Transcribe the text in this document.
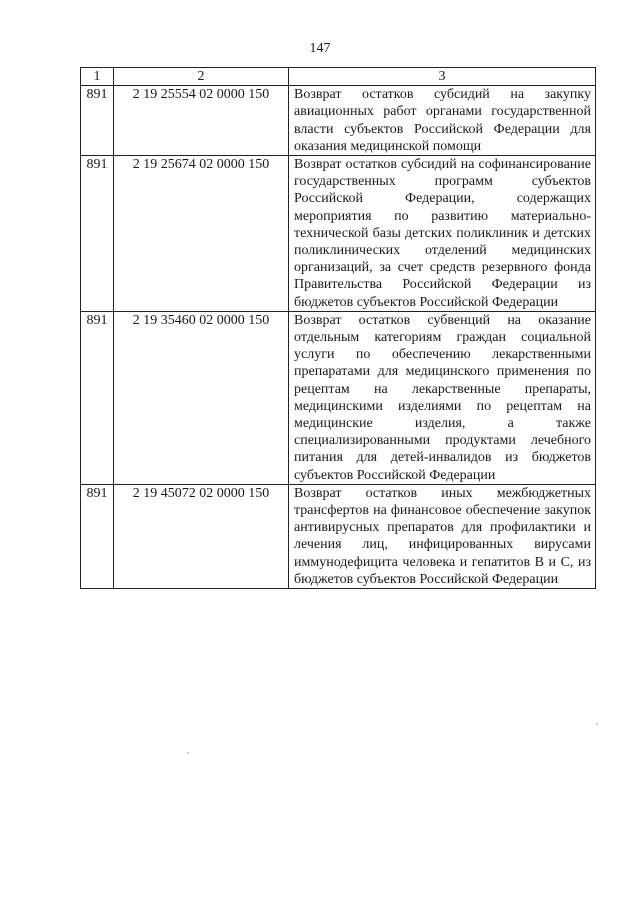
147
1	2	3
891	2 19 25554 02 0000 150	Возврат остатков субсидий на закупку авиационных работ органами государственной власти субъектов Российской Федерации для оказания медицинской помощи
891	2 19 25674 02 0000 150	Возврат остатков субсидий на софинансирование государственных программ субъектов Российской Федерации, содержащих мероприятия по развитию материально-технической базы детских поликлиник и детских поликлинических отделений медицинских организаций, за счет средств резервного фонда Правительства Российской Федерации из бюджетов субъектов Российской Федерации
891	2 19 35460 02 0000 150	Возврат остатков субвенций на оказание отдельным категориям граждан социальной услуги по обеспечению лекарственными препаратами для медицинского применения по рецептам на лекарственные препараты, медицинскими изделиями по рецептам на медицинские изделия, а также специализированными продуктами лечебного питания для детей-инвалидов из бюджетов субъектов Российской Федерации
891	2 19 45072 02 0000 150	Возврат остатков иных межбюджетных трансфертов на финансовое обеспечение закупок антивирусных препаратов для профилактики и лечения лиц, инфицированных вирусами иммунодефицита человека и гепатитов В и С, из бюджетов субъектов Российской Федерации
